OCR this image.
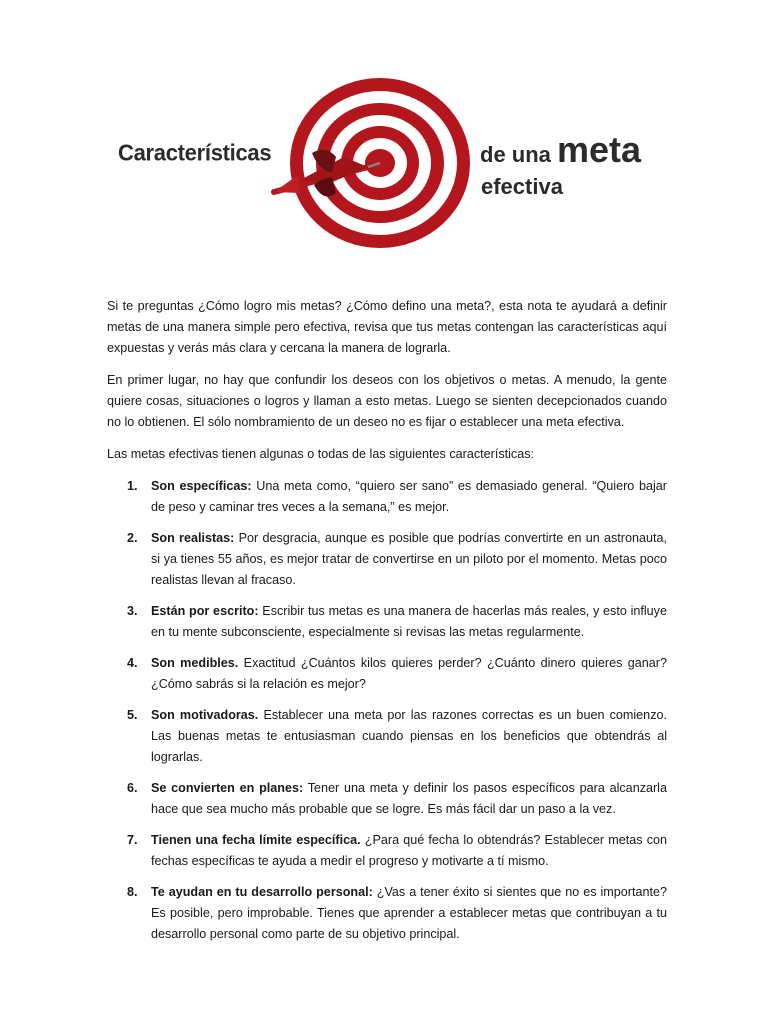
Características	de una meta
efectiva

Si te preguntas ¿Cómo logro mis metas? ¿Cómo defino una meta?, esta nota te ayudará a definir metas de una manera simple pero efectiva, revisa que tus metas contengan las características aquí expuestas y verás más clara y cercana la manera de lograrla.

En primer lugar, no hay que confundir los deseos con los objetivos o metas. A menudo, la gente quiere cosas, situaciones o logros y llaman a esto metas. Luego se sienten decepcionados cuando no lo obtienen. El sólo nombramiento de un deseo no es fijar o establecer una meta efectiva.

Las metas efectivas tienen algunas o todas de las siguientes características:

1. Son específicas: Una meta como, “quiero ser sano” es demasiado general. “Quiero bajar de peso y caminar tres veces a la semana,” es mejor.
2. Son realistas: Por desgracia, aunque es posible que podrías convertirte en un astronauta, si ya tienes 55 años, es mejor tratar de convertirse en un piloto por el momento. Metas poco realistas llevan al fracaso.
3. Están por escrito: Escribir tus metas es una manera de hacerlas más reales, y esto influye en tu mente subconsciente, especialmente si revisas las metas regularmente.
4. Son medibles. Exactitud ¿Cuántos kilos quieres perder? ¿Cuánto dinero quieres ganar? ¿Cómo sabrás si la relación es mejor?
5. Son motivadoras. Establecer una meta por las razones correctas es un buen comienzo. Las buenas metas te entusiasman cuando piensas en los beneficios que obtendrás al lograrlas.
6. Se convierten en planes: Tener una meta y definir los pasos específicos para alcanzarla hace que sea mucho más probable que se logre. Es más fácil dar un paso a la vez.
7. Tienen una fecha límite específica. ¿Para qué fecha lo obtendrás? Establecer metas con fechas específicas te ayuda a medir el progreso y motivarte a tí mismo.
8. Te ayudan en tu desarrollo personal: ¿Vas a tener éxito si sientes que no es importante? Es posible, pero improbable. Tienes que aprender a establecer metas que contribuyan a tu desarrollo personal como parte de su objetivo principal.
